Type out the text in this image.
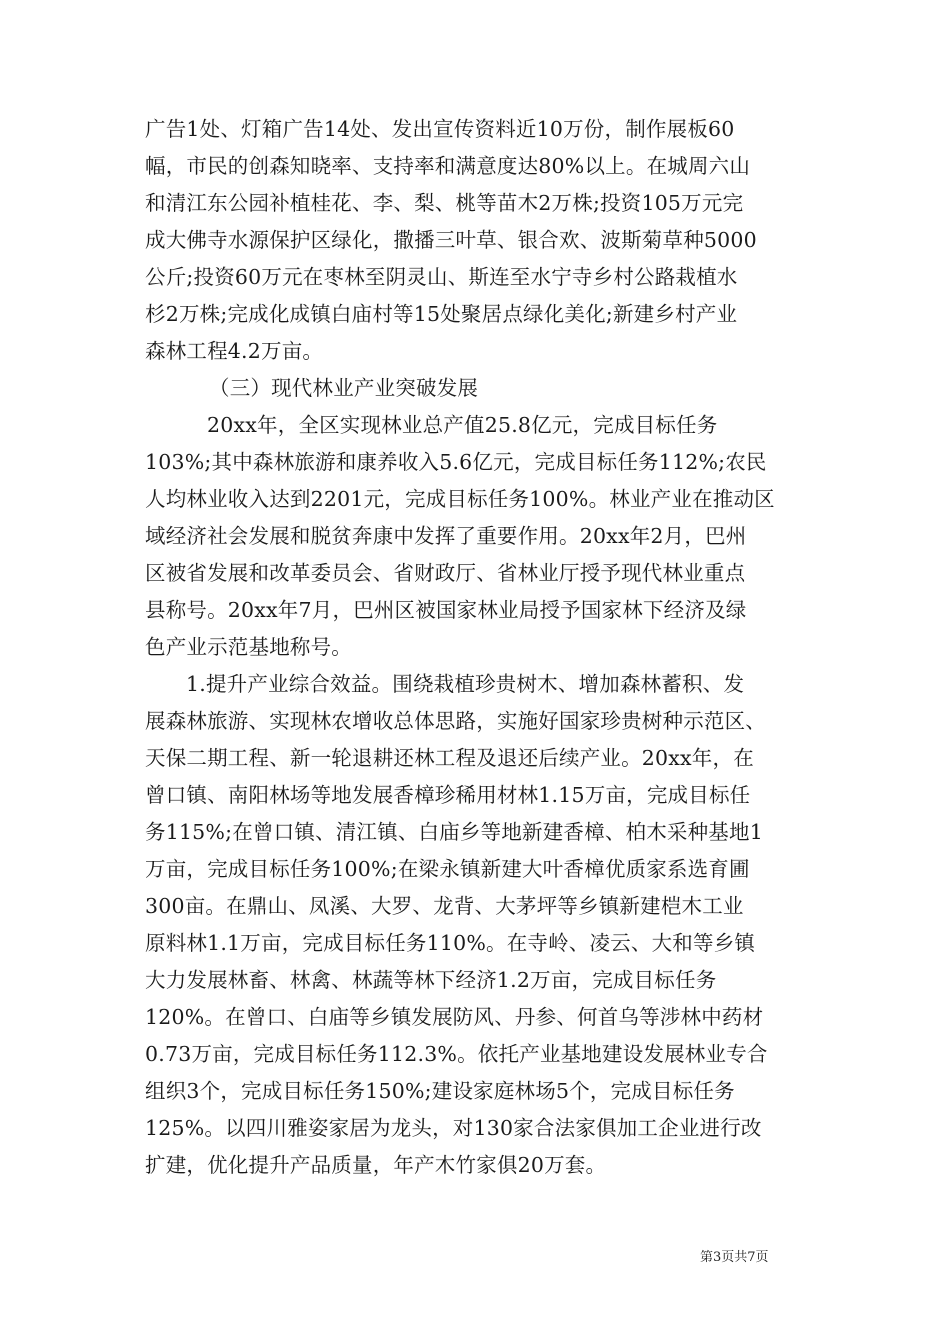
广告1处、灯箱广告14处、发出宣传资料近10万份，制作展板60
幅，市民的创森知晓率、支持率和满意度达80%以上。在城周六山
和清江东公园补植桂花、李、梨、桃等苗木2万株;投资105万元完
成大佛寺水源保护区绿化，撒播三叶草、银合欢、波斯菊草种5000
公斤;投资60万元在枣林至阴灵山、斯连至水宁寺乡村公路栽植水
杉2万株;完成化成镇白庙村等15处聚居点绿化美化;新建乡村产业
森林工程4.2万亩。
（三）现代林业产业突破发展
20xx年，全区实现林业总产值25.8亿元，完成目标任务
103%;其中森林旅游和康养收入5.6亿元，完成目标任务112%;农民
人均林业收入达到2201元，完成目标任务100%。林业产业在推动区
域经济社会发展和脱贫奔康中发挥了重要作用。20xx年2月，巴州
区被省发展和改革委员会、省财政厅、省林业厅授予现代林业重点
县称号。20xx年7月，巴州区被国家林业局授予国家林下经济及绿
色产业示范基地称号。
1.提升产业综合效益。围绕栽植珍贵树木、增加森林蓄积、发
展森林旅游、实现林农增收总体思路，实施好国家珍贵树种示范区、
天保二期工程、新一轮退耕还林工程及退还后续产业。20xx年，在
曾口镇、南阳林场等地发展香樟珍稀用材林1.15万亩，完成目标任
务115%;在曾口镇、清江镇、白庙乡等地新建香樟、柏木采种基地1
万亩，完成目标任务100%;在梁永镇新建大叶香樟优质家系选育圃
300亩。在鼎山、凤溪、大罗、龙背、大茅坪等乡镇新建桤木工业
原料林1.1万亩，完成目标任务110%。在寺岭、凌云、大和等乡镇
大力发展林畜、林禽、林蔬等林下经济1.2万亩，完成目标任务
120%。在曾口、白庙等乡镇发展防风、丹参、何首乌等涉林中药材
0.73万亩，完成目标任务112.3%。依托产业基地建设发展林业专合
组织3个，完成目标任务150%;建设家庭林场5个，完成目标任务
125%。以四川雅姿家居为龙头，对130家合法家俱加工企业进行改
扩建，优化提升产品质量，年产木竹家俱20万套。
第3页共7页
